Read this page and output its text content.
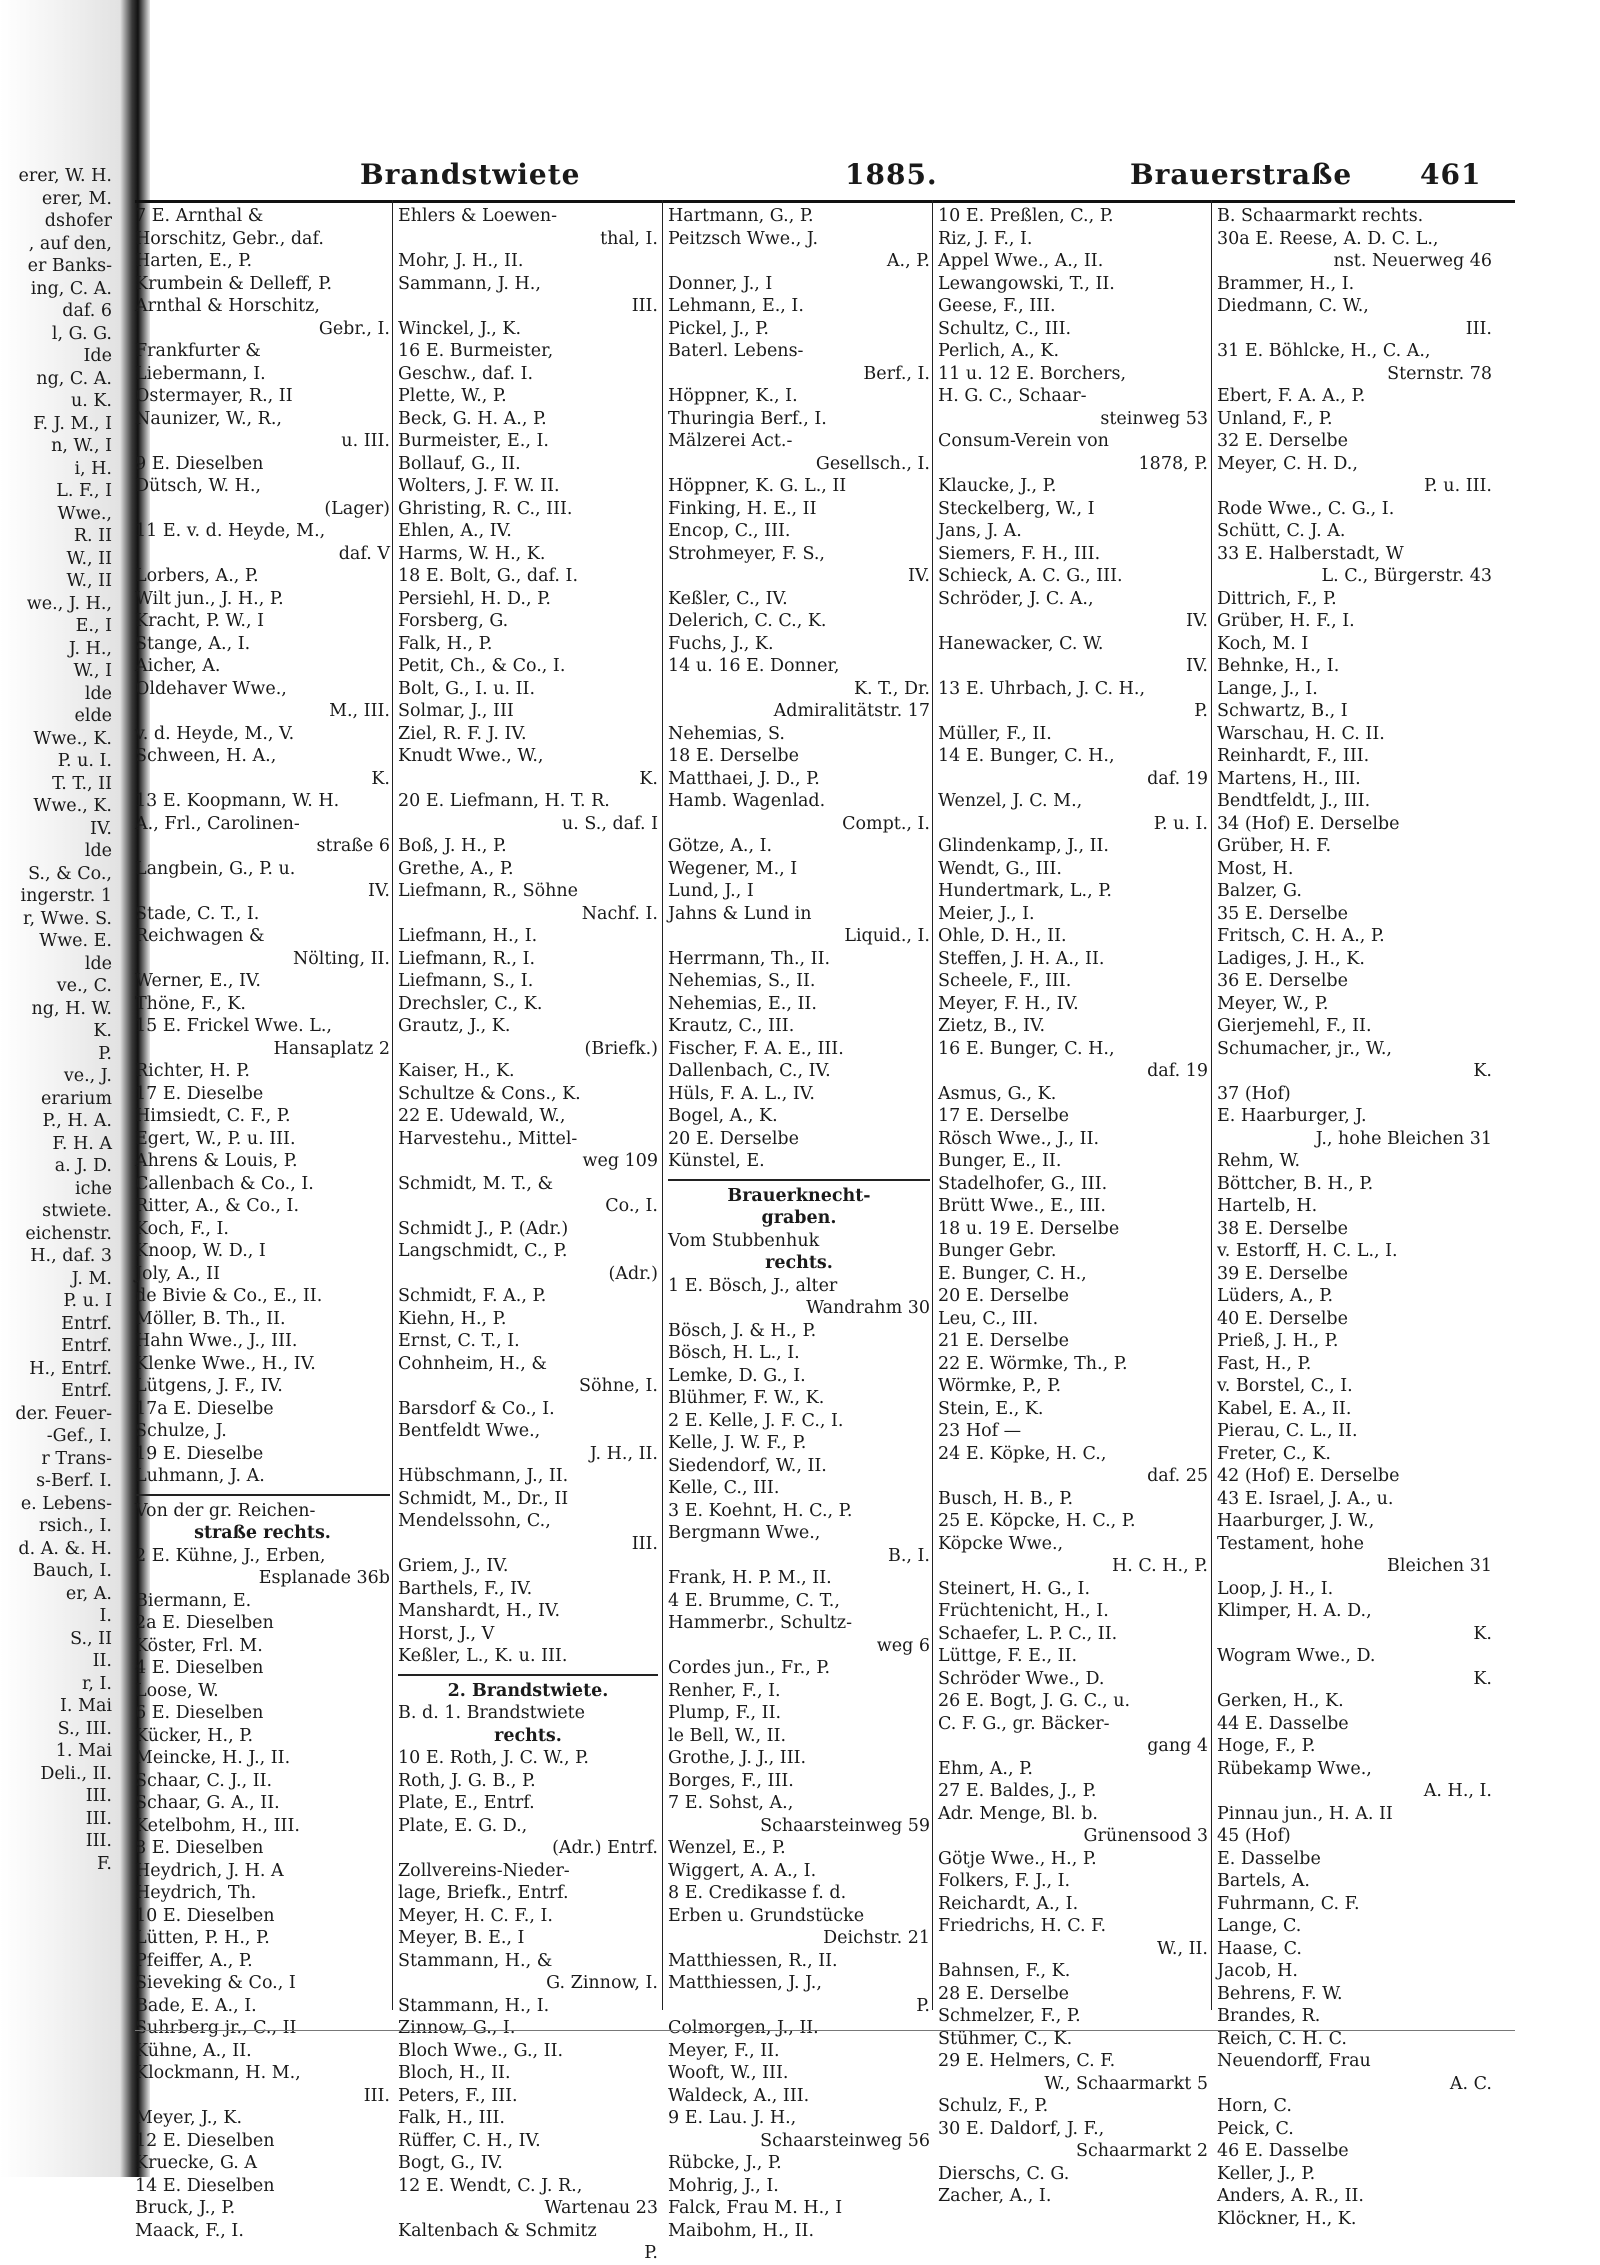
erer, W. H.
erer, M.
dshofer
, auf den,
er Banks-
ing, C. A.
daf. 6
l, G. G.
Ide
ng, C. A.
u. K.
F. J. M., I
n, W., I
i, H.
L. F., I
Wwe.,
R. II
W., II
W., II
we., J. H.,
E., I
J. H.,
W., I
lde
elde
Wwe., K.
P. u. I.
T. T., II
Wwe., K.
IV.
lde
S., & Co.,
ingerstr. 1
r, Wwe. S.
Wwe. E.
lde
ve., C.
ng, H. W.
K.
P.
ve., J.
erarium
P., H. A.
F. H. A
a. J. D.
iche
stwiete.
eichenstr.
H., daf. 3
J. M.
P. u. I
Entrf.
Entrf.
H., Entrf.
Entrf.
der. Feuer-
-Gef., I.
r Trans-
s-Berf. I.
e. Lebens-
rsich., I.
d. A. &. H.
Bauch, I.
er, A.
I.
S., II
II.
r, I.
I. Mai
S., III.
1. Mai
Deli., II.
III.
III.
III.
F.
Brandstwiete	1885.	Brauerstraße 461
7 E. Arnthal &
Horschitz, Gebr., daf.
Harten, E., P.
Krumbein & Delleff, P.
Arnthal & Horschitz,
Gebr., I.
Frankfurter &
Liebermann, I.
Ostermayer, R., II
Naunizer, W., R.,
u. III.
9 E. Dieselben
Dütsch, W. H.,
(Lager)
11 E. v. d. Heyde, M.,
daf. V
Lorbers, A., P.
Wilt jun., J. H., P.
Kracht, P. W., I
Stange, A., I.
Aicher, A.
Oldehaver Wwe.,
M., III.
v. d. Heyde, M., V.
Schween, H. A.,
K.
13 E. Koopmann, W. H.
A., Frl., Carolinen-
straße 6
Langbein, G., P. u.
IV.
Stade, C. T., I.
Reichwagen &
Nölting, II.
Werner, E., IV.
Thöne, F., K.
15 E. Frickel Wwe. L.,
Hansaplatz 2
Richter, H. P.
17 E. Dieselbe
Himsiedt, C. F., P.
Egert, W., P. u. III.
Ahrens & Louis, P.
Callenbach & Co., I.
Ritter, A., & Co., I.
Koch, F., I.
Knoop, W. D., I
Joly, A., II
de Bivie & Co., E., II.
Möller, B. Th., II.
Hahn Wwe., J., III.
Klenke Wwe., H., IV.
Lütgens, J. F., IV.
17a E. Dieselbe
Schulze, J.
19 E. Dieselbe
Luhmann, J. A.
Von der gr. Reichen-
straße rechts.
2 E. Kühne, J., Erben,
Esplanade 36b
Biermann, E.
2a E. Dieselben
Köster, Frl. M.
4 E. Dieselben
Loose, W.
6 E. Dieselben
Kücker, H., P.
Meincke, H. J., II.
Schaar, C. J., II.
Schaar, G. A., II.
Ketelbohm, H., III.
8 E. Dieselben
Heydrich, J. H. A
Heydrich, Th.
10 E. Dieselben
Lütten, P. H., P.
Pfeiffer, A., P.
Sieveking & Co., I
Bade, E. A., I.
Suhrberg jr., C., II
Kühne, A., II.
Klockmann, H. M.,
III.
Meyer, J., K.
12 E. Dieselben
Kruecke, G. A
14 E. Dieselben
Bruck, J., P.
Maack, F., I.
Ehlers & Loewen-
thal, I.
Mohr, J. H., II.
Sammann, J. H.,
III.
Winckel, J., K.
16 E. Burmeister,
Geschw., daf. I.
Plette, W., P.
Beck, G. H. A., P.
Burmeister, E., I.
Bollauf, G., II.
Wolters, J. F. W. II.
Ghristing, R. C., III.
Ehlen, A., IV.
Harms, W. H., K.
18 E. Bolt, G., daf. I.
Persiehl, H. D., P.
Forsberg, G.
Falk, H., P.
Petit, Ch., & Co., I.
Bolt, G., I. u. II.
Solmar, J., III
Ziel, R. F. J. IV.
Knudt Wwe., W.,
K.
20 E. Liefmann, H. T. R.
u. S., daf. I
Boß, J. H., P.
Grethe, A., P.
Liefmann, R., Söhne
Nachf. I.
Liefmann, H., I.
Liefmann, R., I.
Liefmann, S., I.
Drechsler, C., K.
Grautz, J., K.
(Briefk.)
Kaiser, H., K.
Schultze & Cons., K.
22 E. Udewald, W.,
Harvestehu., Mittel-
weg 109
Schmidt, M. T., &
Co., I.
Schmidt J., P. (Adr.)
Langschmidt, C., P.
(Adr.)
Schmidt, F. A., P.
Kiehn, H., P.
Ernst, C. T., I.
Cohnheim, H., &
Söhne, I.
Barsdorf & Co., I.
Bentfeldt Wwe.,
J. H., II.
Hübschmann, J., II.
Schmidt, M., Dr., II
Mendelssohn, C.,
III.
Griem, J., IV.
Barthels, F., IV.
Manshardt, H., IV.
Horst, J., V
Keßler, L., K. u. III.
2. Brandstwiete.
B. d. 1. Brandstwiete
rechts.
10 E. Roth, J. C. W., P.
Roth, J. G. B., P.
Plate, E., Entrf.
Plate, E. G. D.,
(Adr.) Entrf.
Zollvereins-Nieder-
lage, Briefk., Entrf.
Meyer, H. C. F., I.
Meyer, B. E., I
Stammann, H., &
G. Zinnow, I.
Stammann, H., I.
Zinnow, G., I.
Bloch Wwe., G., II.
Bloch, H., II.
Peters, F., III.
Falk, H., III.
Rüffer, C. H., IV.
Bogt, G., IV.
12 E. Wendt, C. J. R.,
Wartenau 23
Kaltenbach & Schmitz
P.
Hartmann, G., P.
Peitzsch Wwe., J.
A., P.
Donner, J., I
Lehmann, E., I.
Pickel, J., P.
Baterl. Lebens-
Berf., I.
Höppner, K., I.
Thuringia Berf., I.
Mälzerei Act.-
Gesellsch., I.
Höppner, K. G. L., II
Finking, H. E., II
Encop, C., III.
Strohmeyer, F. S.,
IV.
Keßler, C., IV.
Delerich, C. C., K.
Fuchs, J., K.
14 u. 16 E. Donner,
K. T., Dr.
Admiralitätstr. 17
Nehemias, S.
18 E. Derselbe
Matthaei, J. D., P.
Hamb. Wagenlad.
Compt., I.
Götze, A., I.
Wegener, M., I
Lund, J., I
Jahns & Lund in
Liquid., I.
Herrmann, Th., II.
Nehemias, S., II.
Nehemias, E., II.
Krautz, C., III.
Fischer, F. A. E., III.
Dallenbach, C., IV.
Hüls, F. A. L., IV.
Bogel, A., K.
20 E. Derselbe
Künstel, E.
Brauerknecht-
graben.
Vom Stubbenhuk
rechts.
1 E. Bösch, J., alter
Wandrahm 30
Bösch, J. & H., P.
Bösch, H. L., I.
Lemke, D. G., I.
Blühmer, F. W., K.
2 E. Kelle, J. F. C., I.
Kelle, J. W. F., P.
Siedendorf, W., II.
Kelle, C., III.
3 E. Koehnt, H. C., P.
Bergmann Wwe.,
B., I.
Frank, H. P. M., II.
4 E. Brumme, C. T.,
Hammerbr., Schultz-
weg 6
Cordes jun., Fr., P.
Renher, F., I.
Plump, F., II.
le Bell, W., II.
Grothe, J. J., III.
Borges, F., III.
7 E. Sohst, A.,
Schaarsteinweg 59
Wenzel, E., P.
Wiggert, A. A., I.
8 E. Credikasse f. d.
Erben u. Grundstücke
Deichstr. 21
Matthiessen, R., II.
Matthiessen, J. J.,
P.
Colmorgen, J., II.
Meyer, F., II.
Wooft, W., III.
Waldeck, A., III.
9 E. Lau. J. H.,
Schaarsteinweg 56
Rübcke, J., P.
Mohrig, J., I.
Falck, Frau M. H., I
Maibohm, H., II.
10 E. Preßlen, C., P.
Riz, J. F., I.
Appel Wwe., A., II.
Lewangowski, T., II.
Geese, F., III.
Schultz, C., III.
Perlich, A., K.
11 u. 12 E. Borchers,
H. G. C., Schaar-
steinweg 53
Consum-Verein von
1878, P.
Klaucke, J., P.
Steckelberg, W., I
Jans, J. A.
Siemers, F. H., III.
Schieck, A. C. G., III.
Schröder, J. C. A.,
IV.
Hanewacker, C. W.
IV.
13 E. Uhrbach, J. C. H.,
P.
Müller, F., II.
14 E. Bunger, C. H.,
daf. 19
Wenzel, J. C. M.,
P. u. I.
Glindenkamp, J., II.
Wendt, G., III.
Hundertmark, L., P.
Meier, J., I.
Ohle, D. H., II.
Steffen, J. H. A., II.
Scheele, F., III.
Meyer, F. H., IV.
Zietz, B., IV.
16 E. Bunger, C. H.,
daf. 19
Asmus, G., K.
17 E. Derselbe
Rösch Wwe., J., II.
Bunger, E., II.
Stadelhofer, G., III.
Brütt Wwe., E., III.
18 u. 19 E. Derselbe
Bunger Gebr.
E. Bunger, C. H.,
20 E. Derselbe
Leu, C., III.
21 E. Derselbe
22 E. Wörmke, Th., P.
Wörmke, P., P.
Stein, E., K.
23 Hof —
24 E. Köpke, H. C.,
daf. 25
Busch, H. B., P.
25 E. Köpcke, H. C., P.
Köpcke Wwe.,
H. C. H., P.
Steinert, H. G., I.
Früchtenicht, H., I.
Schaefer, L. P. C., II.
Lüttge, F. E., II.
Schröder Wwe., D.
26 E. Bogt, J. G. C., u.
C. F. G., gr. Bäcker-
gang 4
Ehm, A., P.
27 E. Baldes, J., P.
Adr. Menge, Bl. b.
Grünensood 3
Götje Wwe., H., P.
Folkers, F. J., I.
Reichardt, A., I.
Friedrichs, H. C. F.
W., II.
Bahnsen, F., K.
28 E. Derselbe
Schmelzer, F., P.
Stühmer, C., K.
29 E. Helmers, C. F.
W., Schaarmarkt 5
Schulz, F., P.
30 E. Daldorf, J. F.,
Schaarmarkt 2
Dierschs, C. G.
Zacher, A., I.
B. Schaarmarkt rechts.
30a E. Reese, A. D. C. L.,
nst. Neuerweg 46
Brammer, H., I.
Diedmann, C. W.,
III.
31 E. Böhlcke, H., C. A.,
Sternstr. 78
Ebert, F. A. A., P.
Unland, F., P.
32 E. Derselbe
Meyer, C. H. D.,
P. u. III.
Rode Wwe., C. G., I.
Schütt, C. J. A.
33 E. Halberstadt, W
L. C., Bürgerstr. 43
Dittrich, F., P.
Grüber, H. F., I.
Koch, M. I
Behnke, H., I.
Lange, J., I.
Schwartz, B., I
Warschau, H. C. II.
Reinhardt, F., III.
Martens, H., III.
Bendtfeldt, J., III.
34 (Hof) E. Derselbe
Grüber, H. F.
Most, H.
Balzer, G.
35 E. Derselbe
Fritsch, C. H. A., P.
Ladiges, J. H., K.
36 E. Derselbe
Meyer, W., P.
Gierjemehl, F., II.
Schumacher, jr., W.,
K.
37 (Hof)
E. Haarburger, J.
J., hohe Bleichen 31
Rehm, W.
Böttcher, B. H., P.
Hartelb, H.
38 E. Derselbe
v. Estorff, H. C. L., I.
39 E. Derselbe
Lüders, A., P.
40 E. Derselbe
Prieß, J. H., P.
Fast, H., P.
v. Borstel, C., I.
Kabel, E. A., II.
Pierau, C. L., II.
Freter, C., K.
42 (Hof) E. Derselbe
43 E. Israel, J. A., u.
Haarburger, J. W.,
Testament, hohe
Bleichen 31
Loop, J. H., I.
Klimper, H. A. D.,
K.
Wogram Wwe., D.
K.
Gerken, H., K.
44 E. Dasselbe
Hoge, F., P.
Rübekamp Wwe.,
A. H., I.
Pinnau jun., H. A. II
45 (Hof)
E. Dasselbe
Bartels, A.
Fuhrmann, C. F.
Lange, C.
Haase, C.
Jacob, H.
Behrens, F. W.
Brandes, R.
Reich, C. H. C.
Neuendorff, Frau
A. C.
Horn, C.
Peick, C.
46 E. Dasselbe
Keller, J., P.
Anders, A. R., II.
Klöckner, H., K.
